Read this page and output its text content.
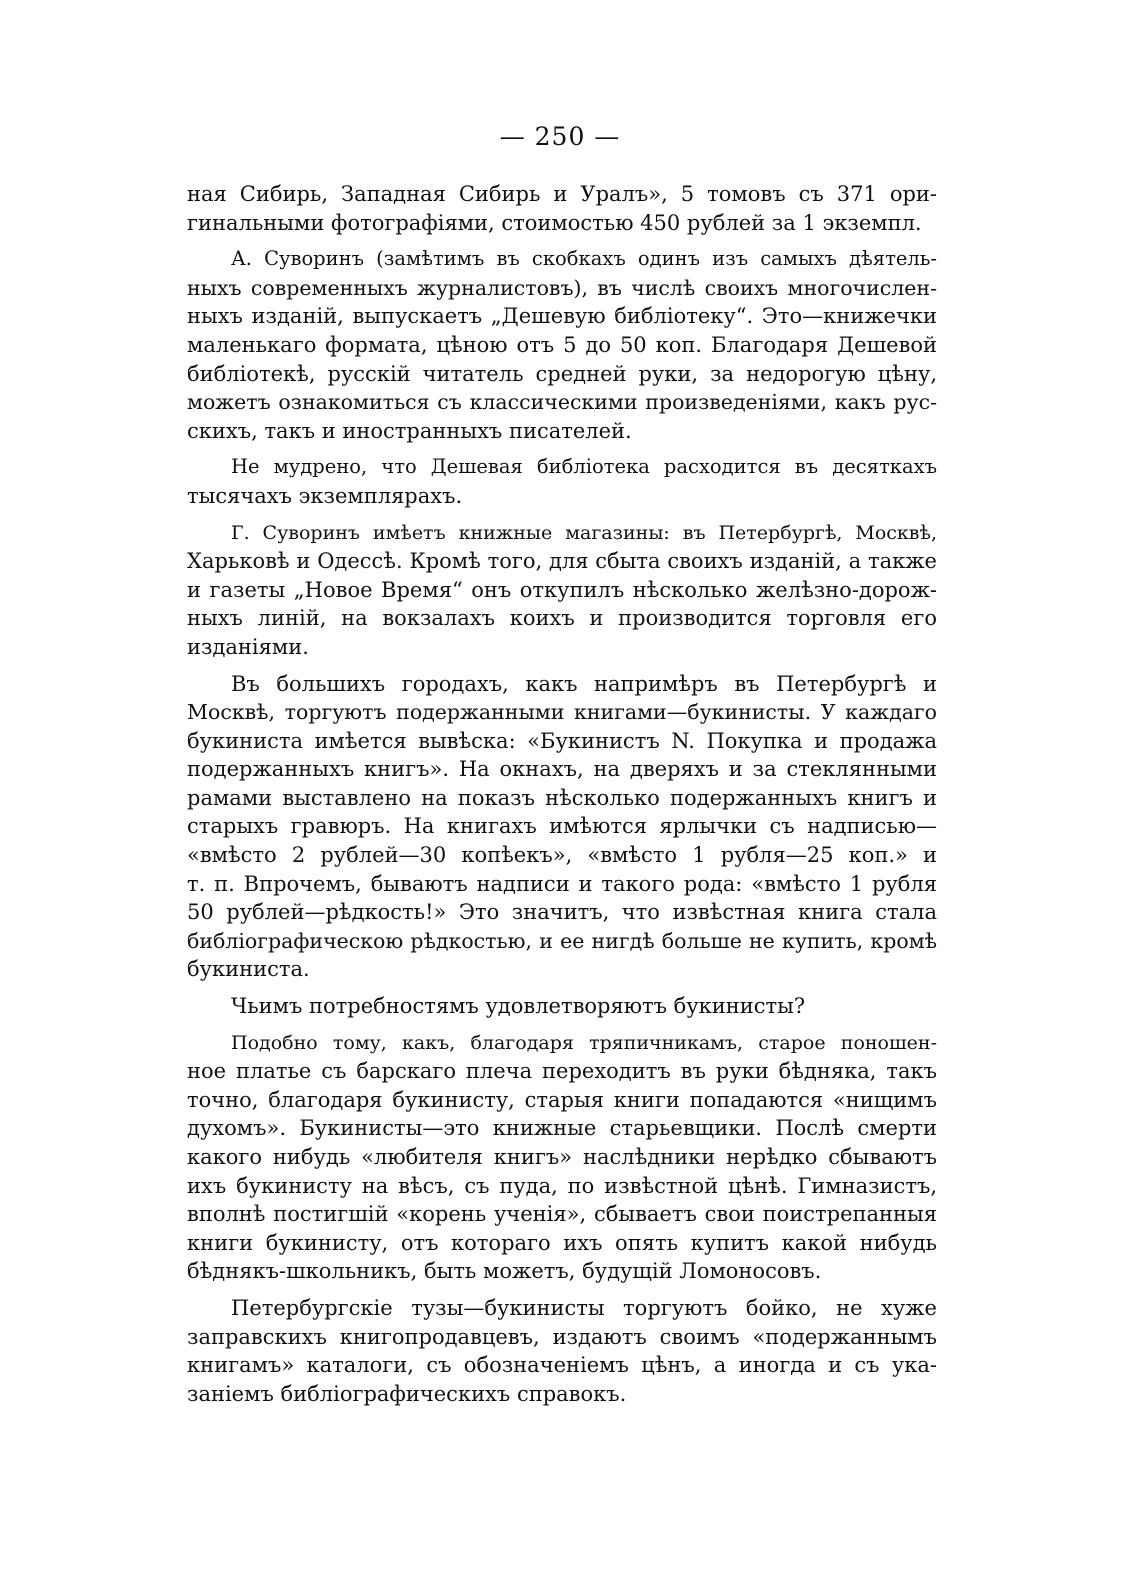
— 250 —
ная Сибирь, Западная Сибирь и Уралъ», 5 томовъ съ 371 ори-
гинальными фотографіями, стоимостью 450 рублей за 1 экземпл.
А. Суворинъ (замѣтимъ въ скобкахъ одинъ изъ самыхъ дѣятель-
ныхъ современныхъ журналистовъ), въ числѣ своихъ многочислен-
ныхъ изданій, выпускаетъ „Дешевую библіотеку“. Это—книжечки
маленькаго формата, цѣною отъ 5 до 50 коп. Благодаря Дешевой
библіотекѣ, русскій читатель средней руки, за недорогую цѣну,
можетъ ознакомиться съ классическими произведеніями, какъ рус-
скихъ, такъ и иностранныхъ писателей.
Не мудрено, что Дешевая библіотека расходится въ десяткахъ
тысячахъ экземплярахъ.
Г. Суворинъ имѣетъ книжные магазины: въ Петербургѣ, Москвѣ,
Харьковѣ и Одессѣ. Кромѣ того, для сбыта своихъ изданій, а также
и газеты „Новое Время“ онъ откупилъ нѣсколько желѣзно-дорож-
ныхъ линій, на вокзалахъ коихъ и производится торговля его
изданіями.
Въ большихъ городахъ, какъ напримѣръ въ Петербургѣ и
Москвѣ, торгуютъ подержанными книгами—букинисты. У каждаго
букиниста имѣется вывѣска: «Букинистъ N. Покупка и продажа
подержанныхъ книгъ». На окнахъ, на дверяхъ и за стеклянными
рамами выставлено на показъ нѣсколько подержанныхъ книгъ и
старыхъ гравюръ. На книгахъ имѣются ярлычки съ надписью—
«вмѣсто 2 рублей—30 копѣекъ», «вмѣсто 1 рубля—25 коп.» и
т. п. Впрочемъ, бываютъ надписи и такого рода: «вмѣсто 1 рубля
50 рублей—рѣдкость!» Это значитъ, что извѣстная книга стала
библіографическою рѣдкостью, и ее нигдѣ больше не купить, кромѣ
букиниста.
Чьимъ потребностямъ удовлетворяютъ букинисты?
Подобно тому, какъ, благодаря тряпичникамъ, старое поношен-
ное платье съ барскаго плеча переходитъ въ руки бѣдняка, такъ
точно, благодаря букинисту, старыя книги попадаются «нищимъ
духомъ». Букинисты—это книжные старьевщики. Послѣ смерти
какого нибудь «любителя книгъ» наслѣдники нерѣдко сбываютъ
ихъ букинисту на вѣсъ, съ пуда, по извѣстной цѣнѣ. Гимназистъ,
вполнѣ постигшій «корень ученія», сбываетъ свои поистрепанныя
книги букинисту, отъ котораго ихъ опять купитъ какой нибудь
бѣднякъ-школьникъ, быть можетъ, будущій Ломоносовъ.
Петербургскіе тузы—букинисты торгуютъ бойко, не хуже
заправскихъ книгопродавцевъ, издаютъ своимъ «подержаннымъ
книгамъ» каталоги, съ обозначеніемъ цѣнъ, а иногда и съ ука-
заніемъ библіографическихъ справокъ.
